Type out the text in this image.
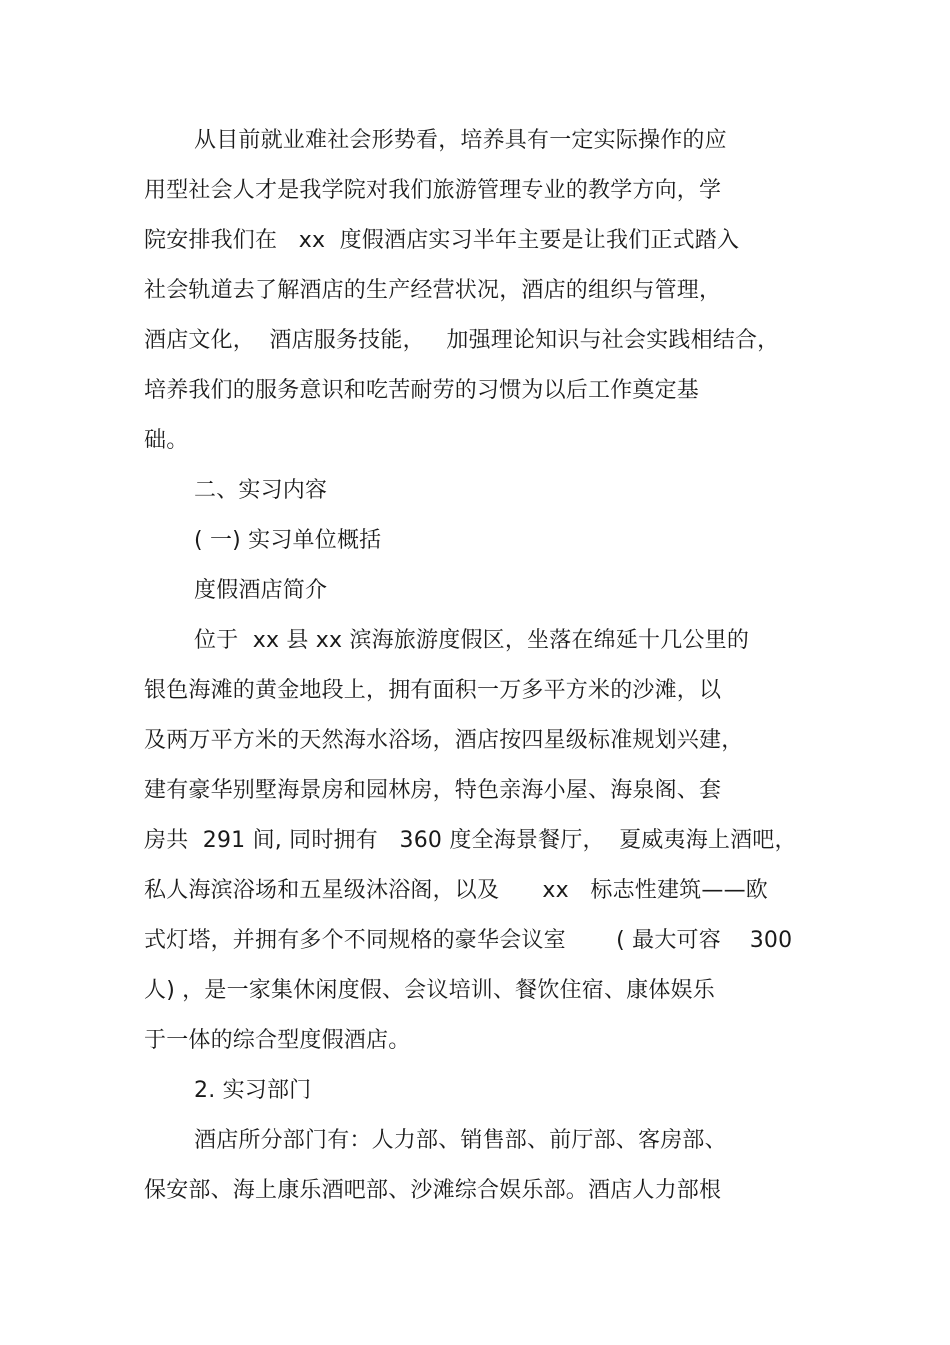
从目前就业难社会形势看，培养具有一定实际操作的应
用型社会人才是我学院对我们旅游管理专业的教学方向，学
院安排我们在   xx  度假酒店实习半年主要是让我们正式踏入
社会轨道去了解酒店的生产经营状况，酒店的组织与管理，
酒店文化，  酒店服务技能，   加强理论知识与社会实践相结合，
培养我们的服务意识和吃苦耐劳的习惯为以后工作奠定基
础。
二、实习内容
( 一) 实习单位概括
度假酒店简介
位于  xx 县 xx 滨海旅游度假区，坐落在绵延十几公里的
银色海滩的黄金地段上，拥有面积一万多平方米的沙滩，以
及两万平方米的天然海水浴场，酒店按四星级标准规划兴建，
建有豪华别墅海景房和园林房，特色亲海小屋、海泉阁、套
房共  291 间, 同时拥有   360 度全海景餐厅，  夏威夷海上酒吧，
私人海滨浴场和五星级沐浴阁，以及      xx   标志性建筑——欧
式灯塔，并拥有多个不同规格的豪华会议室       ( 最大可容    300
人) ，是一家集休闲度假、会议培训、餐饮住宿、康体娱乐
于一体的综合型度假酒店。
2. 实习部门
酒店所分部门有：人力部、销售部、前厅部、客房部、
保安部、海上康乐酒吧部、沙滩综合娱乐部。酒店人力部根
